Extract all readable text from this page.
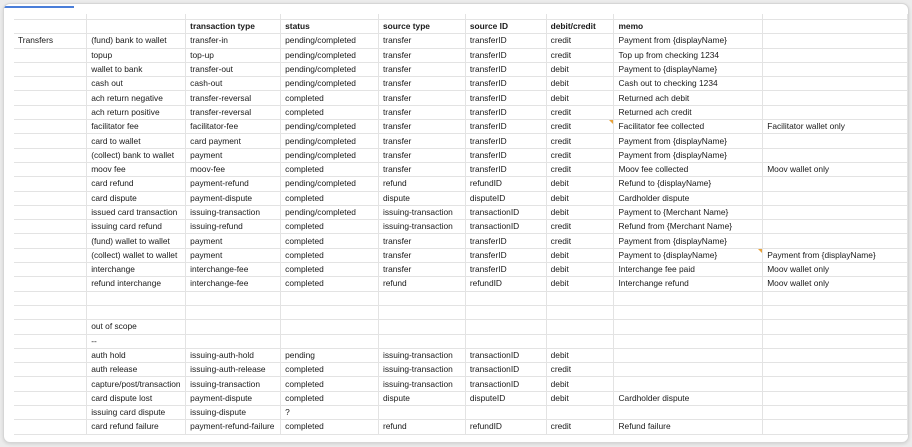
		transaction type	status	source type	source ID	debit/credit	memo	
Transfers	(fund) bank to wallet	transfer-in	pending/completed	transfer	transferID	credit	Payment from {displayName}	
	topup	top-up	pending/completed	transfer	transferID	credit	Top up from checking 1234	
	wallet to bank	transfer-out	pending/completed	transfer	transferID	debit	Payment to {displayName}	
	cash out	cash-out	pending/completed	transfer	transferID	debit	Cash out to checking 1234	
	ach return negative	transfer-reversal	completed	transfer	transferID	debit	Returned ach debit	
	ach return positive	transfer-reversal	completed	transfer	transferID	credit	Returned ach credit	
	facilitator fee	facilitator-fee	pending/completed	transfer	transferID	credit	Facilitator fee collected	Facilitator wallet only
	card to wallet	card payment	pending/completed	transfer	transferID	credit	Payment from {displayName}	
	(collect) bank to wallet	payment	pending/completed	transfer	transferID	credit	Payment from {displayName}	
	moov fee	moov-fee	completed	transfer	transferID	credit	Moov fee collected	Moov wallet only
	card refund	payment-refund	pending/completed	refund	refundID	debit	Refund to {displayName}	
	card dispute	payment-dispute	completed	dispute	disputeID	debit	Cardholder dispute	
	issued card transaction	issuing-transaction	pending/completed	issuing-transaction	transactionID	debit	Payment to {Merchant Name}	
	issuing card refund	issuing-refund	completed	issuing-transaction	transactionID	credit	Refund from {Merchant Name}	
	(fund) wallet to wallet	payment	completed	transfer	transferID	credit	Payment from {displayName}	
	(collect) wallet to wallet	payment	completed	transfer	transferID	debit	Payment to {displayName}	Payment from {displayName}
	interchange	interchange-fee	completed	transfer	transferID	debit	Interchange fee paid	Moov wallet only
	refund interchange	interchange-fee	completed	refund	refundID	debit	Interchange refund	Moov wallet only

	out of scope							
	--							
	auth hold	issuing-auth-hold	pending	issuing-transaction	transactionID	debit		
	auth release	issuing-auth-release	completed	issuing-transaction	transactionID	credit		
	capture/post/transaction	issuing-transaction	completed	issuing-transaction	transactionID	debit		
	card dispute lost	payment-dispute	completed	dispute	disputeID	debit	Cardholder dispute	
	issuing card dispute	issuing-dispute	?					
	card refund failure	payment-refund-failure	completed	refund	refundID	credit	Refund failure	
